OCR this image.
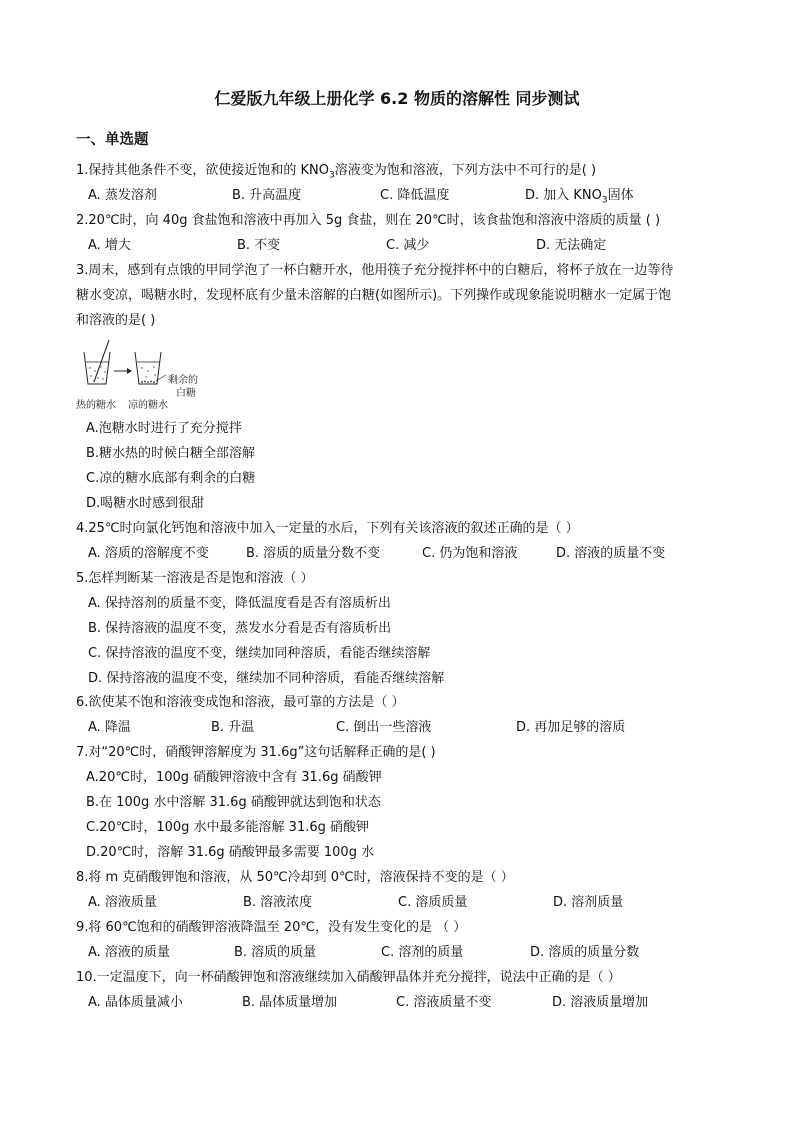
仁爱版九年级上册化学 6.2 物质的溶解性 同步测试
一、单选题
1.保持其他条件不变，欲使接近饱和的 $KNO_3$溶液变为饱和溶液，下列方法中不可行的是( )
A. 蒸发溶剂	B. 升高温度	C. 降低温度	D. 加入 $KNO_3$固体
2.20℃时，向 40g 食盐饱和溶液中再加入 5g 食盐，则在 20℃时，该食盐饱和溶液中溶质的质量 ( )
A. 增大	B. 不变	C. 减少	D. 无法确定
3.周末，感到有点饿的甲同学泡了一杯白糖开水，他用筷子充分搅拌杯中的白糖后，将杯子放在一边等待
糖水变凉，喝糖水时，发现杯底有少量未溶解的白糖(如图所示)。下列操作或现象能说明糖水一定属于饱
和溶液的是( )
剩余的
白糖
热的糖水 凉的糖水
A.泡糖水时进行了充分搅拌
B.糖水热的时候白糖全部溶解
C.凉的糖水底部有剩余的白糖
D.喝糖水时感到很甜
4.25℃时向氯化钙饱和溶液中加入一定量的水后，下列有关该溶液的叙述正确的是（ ）
A. 溶质的溶解度不变	B. 溶质的质量分数不变	C. 仍为饱和溶液	D. 溶液的质量不变
5.怎样判断某一溶液是否是饱和溶液（ ）
A. 保持溶剂的质量不变，降低温度看是否有溶质析出
B. 保持溶液的温度不变，蒸发水分看是否有溶质析出
C. 保持溶液的温度不变，继续加同种溶质，看能否继续溶解
D. 保持溶液的温度不变，继续加不同种溶质，看能否继续溶解
6.欲使某不饱和溶液变成饱和溶液，最可靠的方法是（ ）
A. 降温	B. 升温	C. 倒出一些溶液	D. 再加足够的溶质
7.对“20℃时，硝酸钾溶解度为 31.6g”这句话解释正确的是( )
A.20℃时，100g 硝酸钾溶液中含有 31.6g 硝酸钾
B.在 100g 水中溶解 31.6g 硝酸钾就达到饱和状态
C.20℃时，100g 水中最多能溶解 31.6g 硝酸钾
D.20℃时，溶解 31.6g 硝酸钾最多需要 100g 水
8.将 m 克硝酸钾饱和溶液，从 50℃冷却到 0℃时，溶液保持不变的是（ ）
A. 溶液质量	B. 溶液浓度	C. 溶质质量	D. 溶剂质量
9.将 60℃饱和的硝酸钾溶液降温至 20℃，没有发生变化的是 （ ）
A. 溶液的质量	B. 溶质的质量	C. 溶剂的质量	D. 溶质的质量分数
10.一定温度下，向一杯硝酸钾饱和溶液继续加入硝酸钾晶体并充分搅拌，说法中正确的是（ ）
A. 晶体质量减小	B. 晶体质量增加	C. 溶液质量不变	D. 溶液质量增加
